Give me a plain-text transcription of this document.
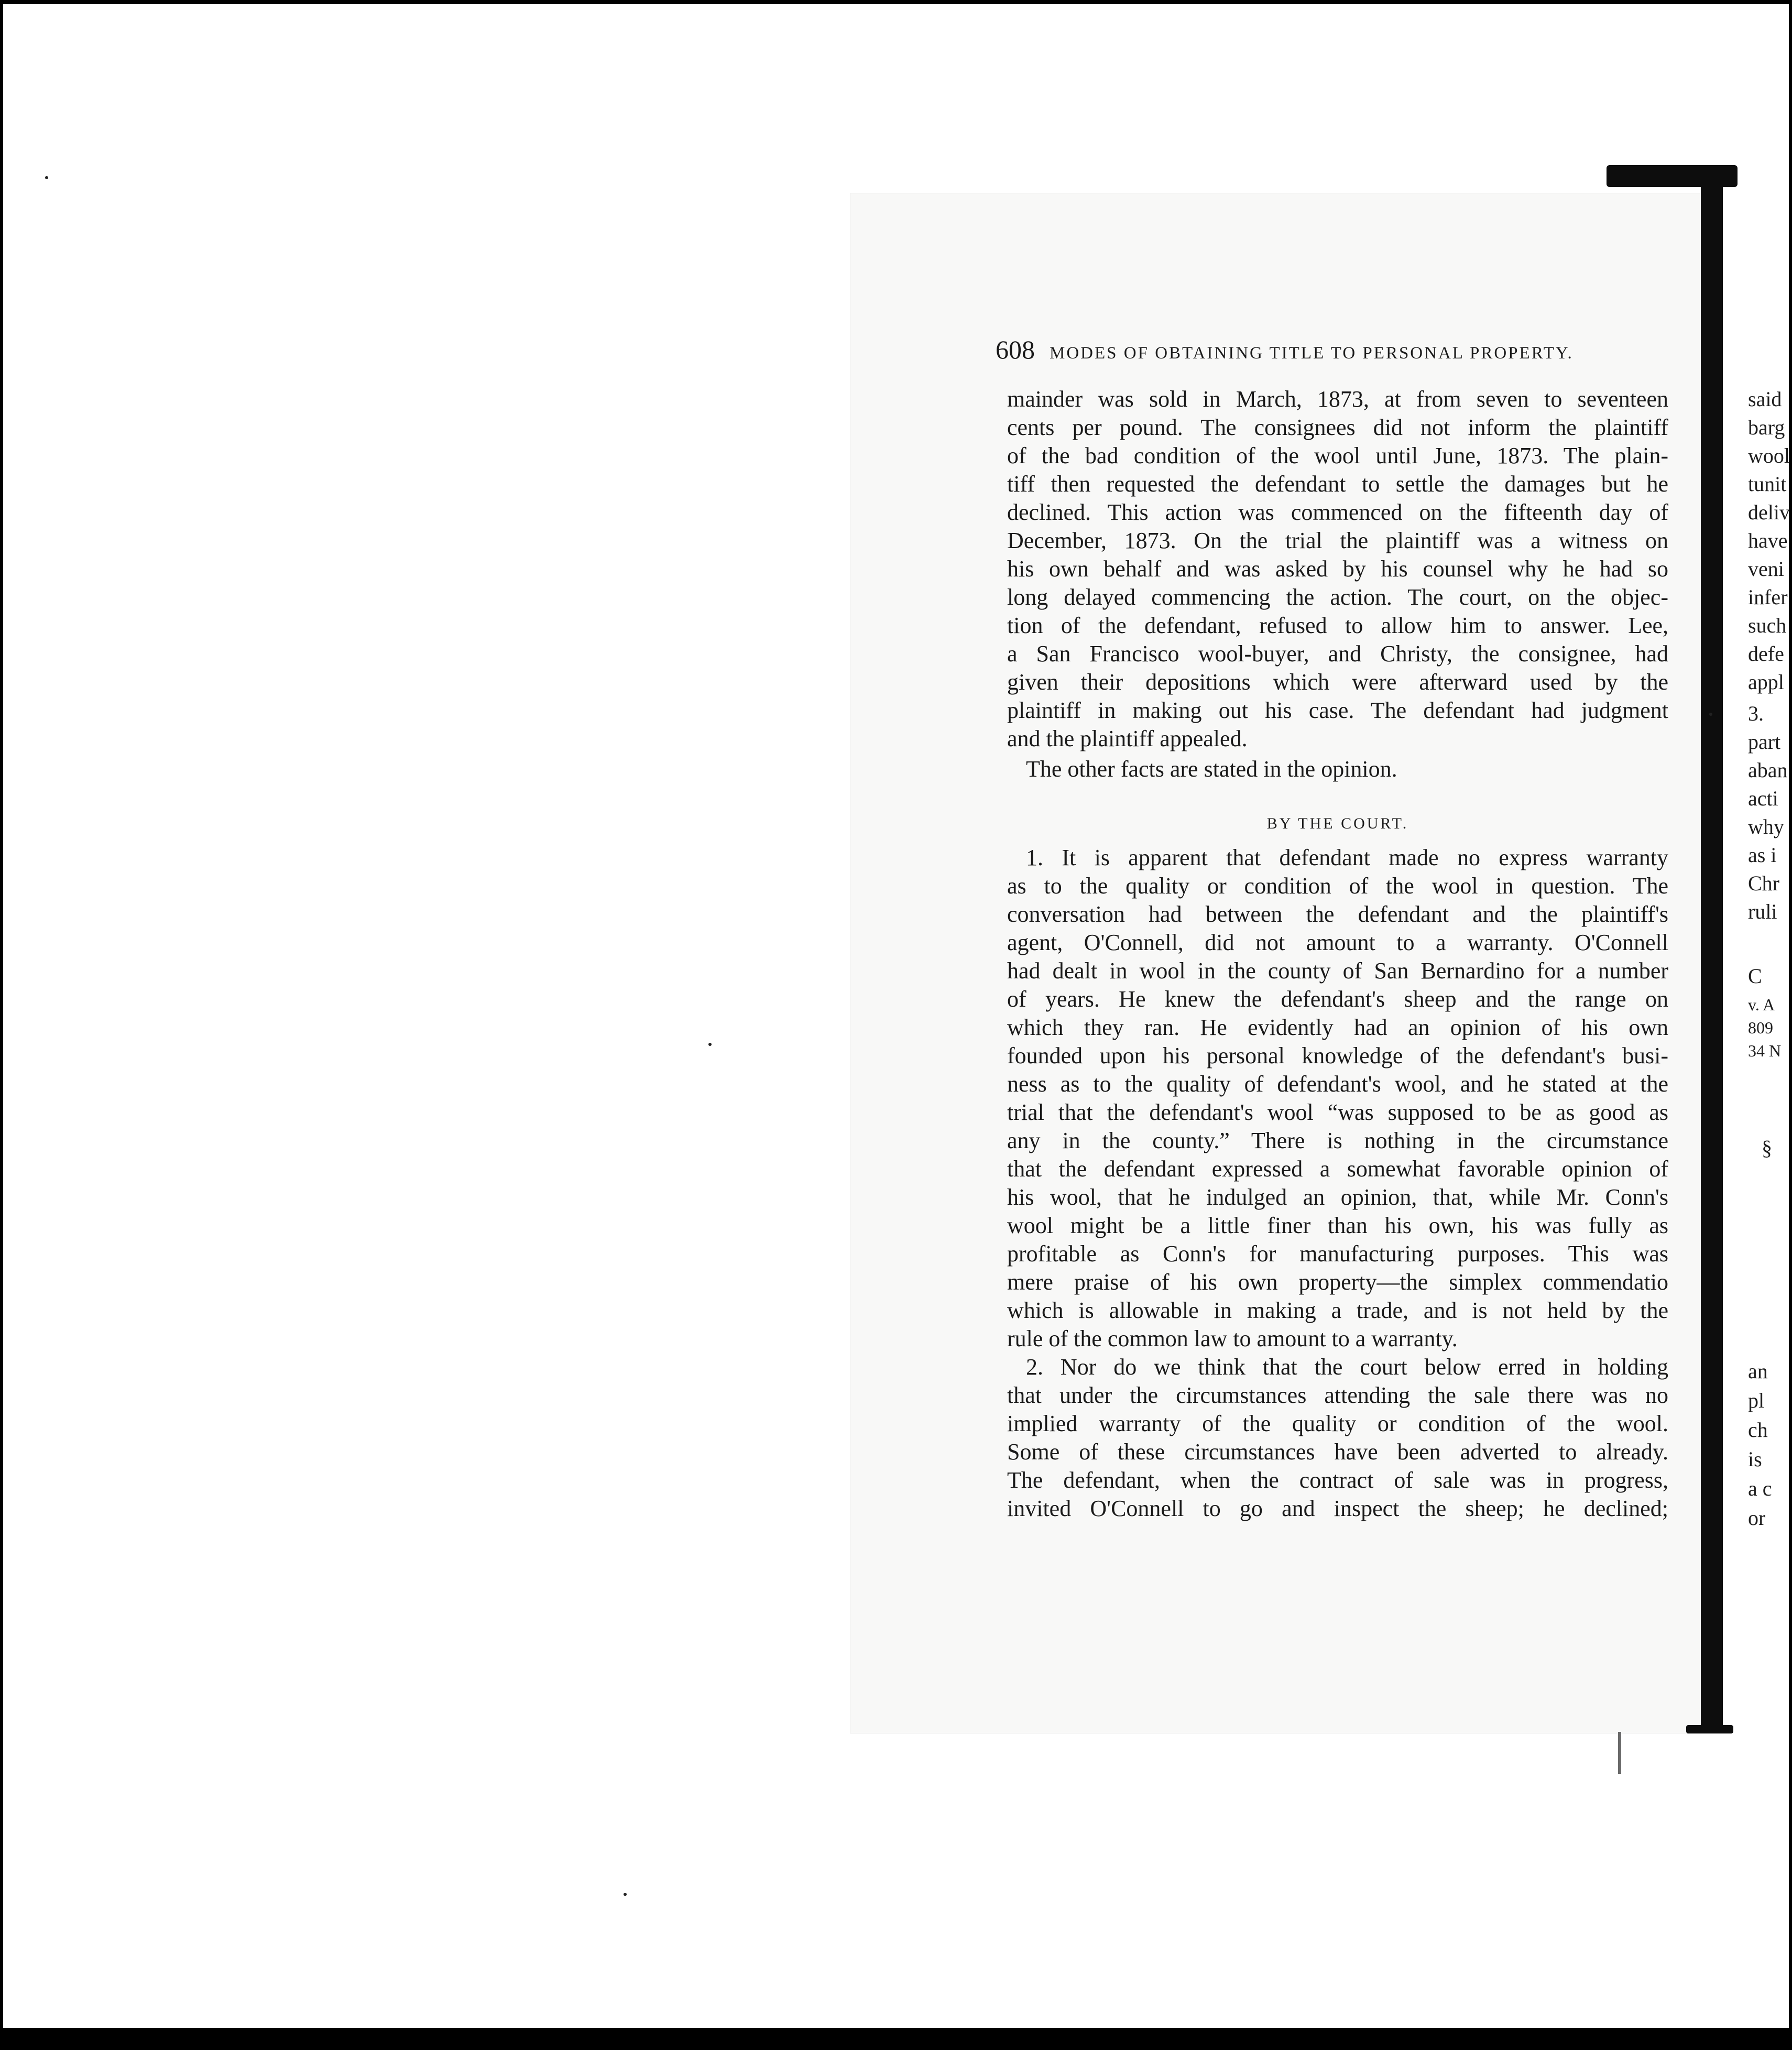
608 MODES OF OBTAINING TITLE TO PERSONAL PROPERTY.
mainder was sold in March, 1873, at from seven to seventeen
cents per pound. The consignees did not inform the plaintiff
of the bad condition of the wool until June, 1873. The plain-
tiff then requested the defendant to settle the damages but he
declined. This action was commenced on the fifteenth day of
December, 1873. On the trial the plaintiff was a witness on
his own behalf and was asked by his counsel why he had so
long delayed commencing the action. The court, on the objec-
tion of the defendant, refused to allow him to answer. Lee,
a San Francisco wool-buyer, and Christy, the consignee, had
given their depositions which were afterward used by the
plaintiff in making out his case. The defendant had judgment
and the plaintiff appealed.
The other facts are stated in the opinion.
BY THE COURT.
1. It is apparent that defendant made no express warranty
as to the quality or condition of the wool in question. The
conversation had between the defendant and the plaintiff's
agent, O'Connell, did not amount to a warranty. O'Connell
had dealt in wool in the county of San Bernardino for a number
of years. He knew the defendant's sheep and the range on
which they ran. He evidently had an opinion of his own
founded upon his personal knowledge of the defendant's busi-
ness as to the quality of defendant's wool, and he stated at the
trial that the defendant's wool “was supposed to be as good as
any in the county.” There is nothing in the circumstance
that the defendant expressed a somewhat favorable opinion of
his wool, that he indulged an opinion, that, while Mr. Conn's
wool might be a little finer than his own, his was fully as
profitable as Conn's for manufacturing purposes. This was
mere praise of his own property—the simplex commendatio
which is allowable in making a trade, and is not held by the
rule of the common law to amount to a warranty.
2. Nor do we think that the court below erred in holding
that under the circumstances attending the sale there was no
implied warranty of the quality or condition of the wool.
Some of these circumstances have been adverted to already.
The defendant, when the contract of sale was in progress,
invited O'Connell to go and inspect the sheep; he declined;
said
barg
wool
tunit
deliv
have
veni
infer
such
defe
appl
3.
part
aban
acti
why
as i
Chr
ruli
C
v. A
809
34 N
§
an
pl
ch
is
a c
or
